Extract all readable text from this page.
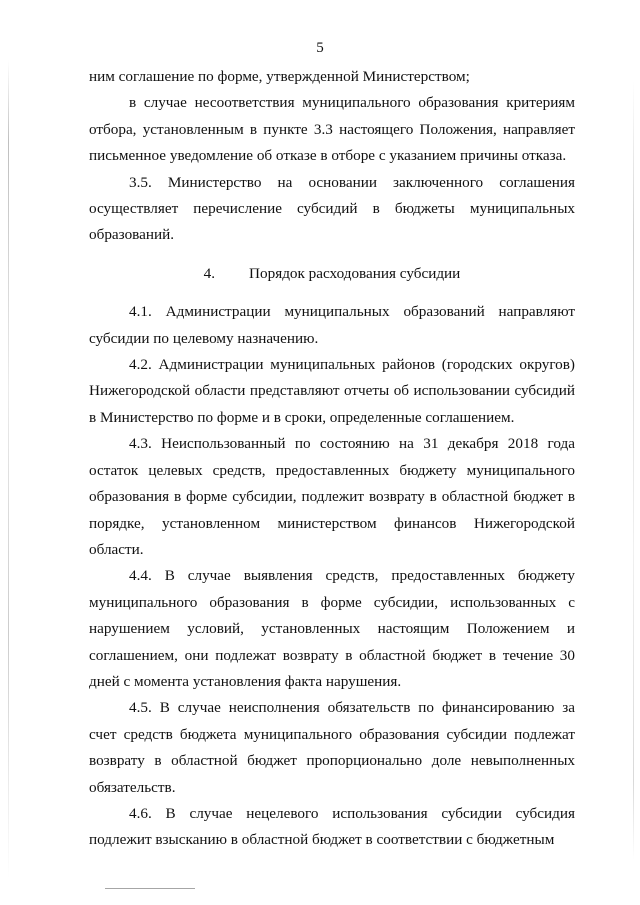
5

ним соглашение по форме, утвержденной Министерством;

в случае несоответствия муниципального образования критериям отбора, установленным в пункте 3.3 настоящего Положения, направляет письменное уведомление об отказе в отборе с указанием причины отказа.

3.5. Министерство на основании заключенного соглашения осуществляет перечисление субсидий в бюджеты муниципальных образований.

4. Порядок расходования субсидии

4.1. Администрации муниципальных образований направляют субсидии по целевому назначению.

4.2. Администрации муниципальных районов (городских округов) Нижегородской области представляют отчеты об использовании субсидий в Министерство по форме и в сроки, определенные соглашением.

4.3. Неиспользованный по состоянию на 31 декабря 2018 года остаток целевых средств, предоставленных бюджету муниципального образования в форме субсидии, подлежит возврату в областной бюджет в порядке, установленном министерством финансов Нижегородской области.

4.4. В случае выявления средств, предоставленных бюджету муниципального образования в форме субсидии, использованных с нарушением условий, установленных настоящим Положением и соглашением, они подлежат возврату в областной бюджет в течение 30 дней с момента установления факта нарушения.

4.5. В случае неисполнения обязательств по финансированию за счет средств бюджета муниципального образования субсидии подлежат возврату в областной бюджет пропорционально доле невыполненных обязательств.

4.6. В случае нецелевого использования субсидии субсидия подлежит взысканию в областной бюджет в соответствии с бюджетным
